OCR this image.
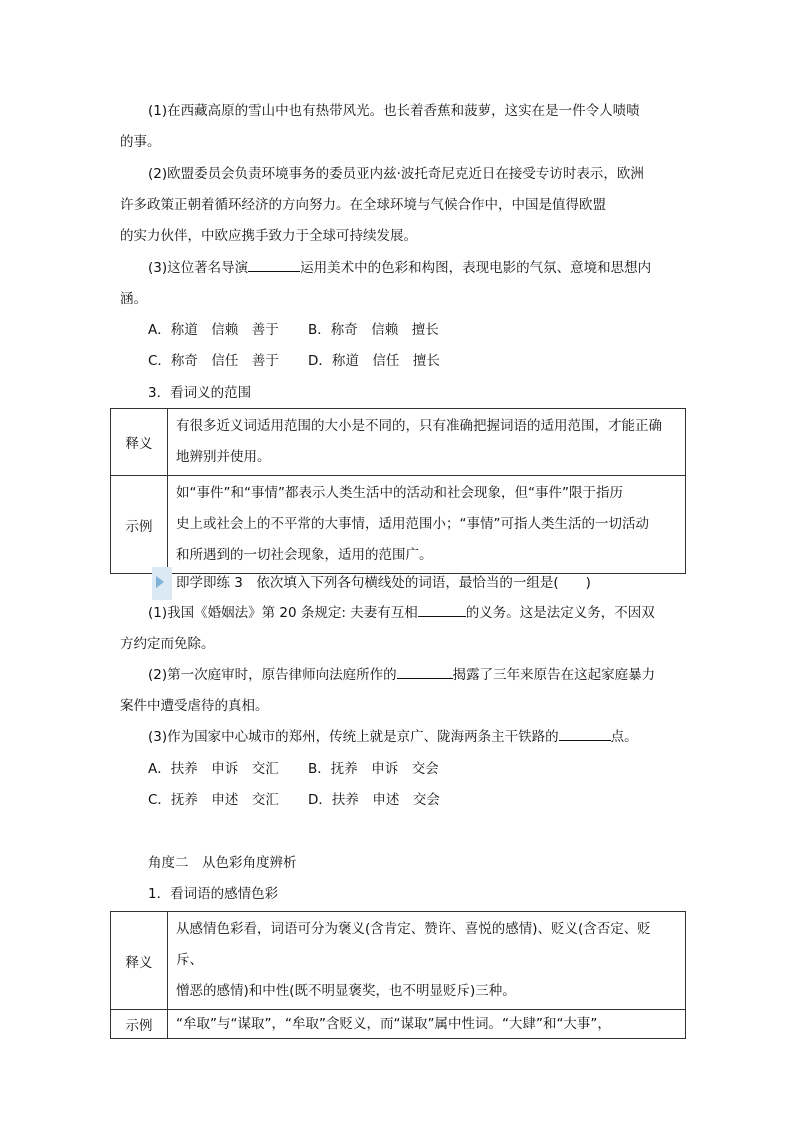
(1)在西藏高原的雪山中也有热带风光。也长着香蕉和菠萝，这实在是一件令人啧啧

的事。

(2)欧盟委员会负责环境事务的委员亚内兹·波托奇尼克近日在接受专访时表示，欧洲

许多政策正朝着循环经济的方向努力。在全球环境与气候合作中，中国是值得欧盟

的实力伙伴，中欧应携手致力于全球可持续发展。

(3)这位著名导演	运用美术中的色彩和构图，表现电影的气氛、意境和思想内

涵。

A．称道　信赖　善于 B．称奇　信赖　擅长
C．称奇　信任　善于 D．称道　信任　擅长

3．看词义的范围

释义	有很多近义词适用范围的大小是不同的，只有准确把握词语的适用范围，才能正确
地辨别并使用。

示例	如“事件”和“事情”都表示人类生活中的活动和社会现象，但“事件”限于指历
史上或社会上的不平常的大事情，适用范围小；“事情”可指人类生活的一切活动
和所遇到的一切社会现象，适用的范围广。

即学即练 3　依次填入下列各句横线处的词语，最恰当的一组是(　　)

(1)我国《婚姻法》第 20 条规定: 夫妻有互相	的义务。这是法定义务，不因双

方约定而免除。

(2)第一次庭审时，原告律师向法庭所作的	揭露了三年来原告在这起家庭暴力

案件中遭受虐待的真相。

(3)作为国家中心城市的郑州，传统上就是京广、陇海两条主干铁路的	点。

A．扶养　申诉　交汇 B．抚养　申诉　交会
C．抚养　申述　交汇 D．扶养　申述　交会

角度二　从色彩角度辨析

1．看词语的感情色彩

释义	从感情色彩看，词语可分为褒义(含肯定、赞许、喜悦的感情)、贬义(含否定、贬斥、
憎恶的感情)和中性(既不明显褒奖，也不明显贬斥)三种。

示例	“牟取”与“谋取”，“牟取”含贬义，而“谋取”属中性词。“大肆”和“大事”，
